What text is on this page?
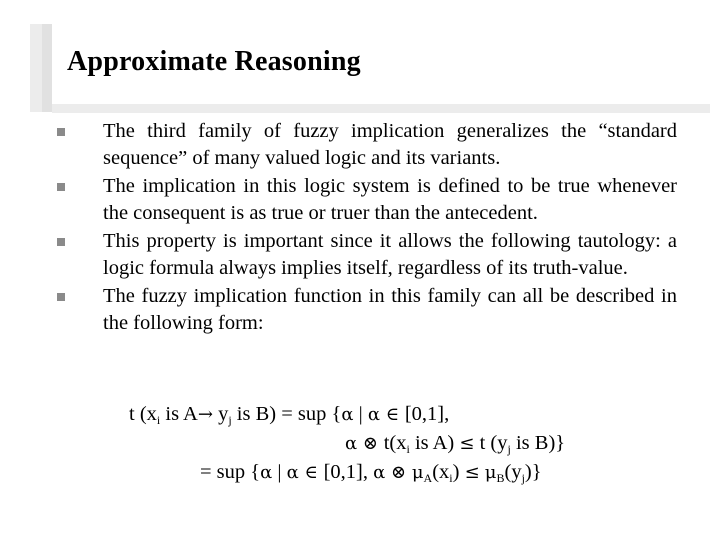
Approximate Reasoning
The third family of fuzzy implication generalizes the “standard sequence” of many valued logic and its variants.
The implication in this logic system is defined to be true whenever the consequent is as true or truer than the antecedent.
This property is important since it allows the following tautology: a logic formula always implies itself, regardless of its truth-value.
The fuzzy implication function in this family can all be described in the following form:
t ($x_i$ is $A\to y_j$ is B) = sup {α | α ∈ [0,1],
α ⊗ $t(x_i$ is A) ≤ t ($y_j$ is B)}
= sup {α | α ∈ [0,1], α ⊗ $\mu_A(x_i) \le \mu_B(y_j)$}
